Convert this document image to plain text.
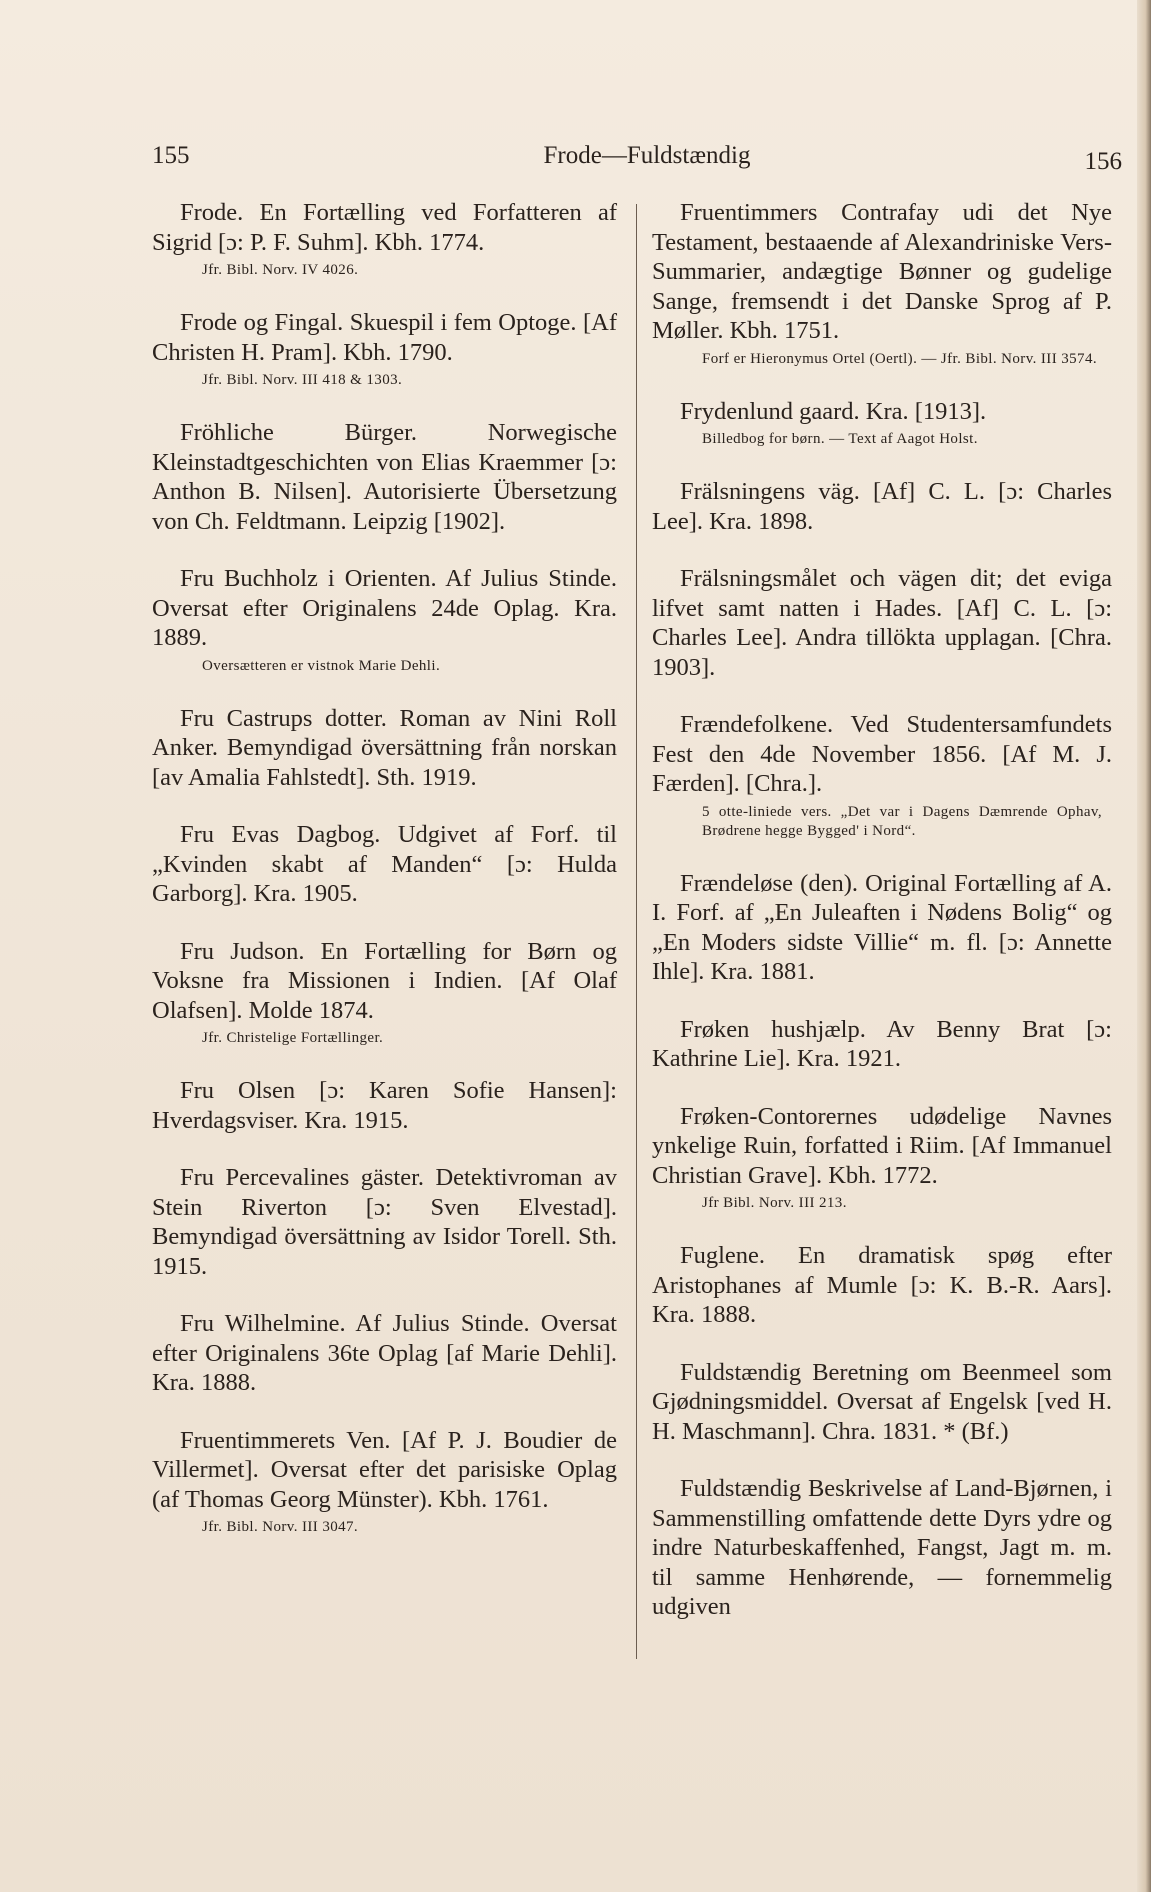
155	Frode—Fuldstændig	156
Frode. En Fortælling ved Forfatteren af Sigrid [ɔ: P. F. Suhm]. Kbh. 1774.
Jfr. Bibl. Norv. IV 4026.
Frode og Fingal. Skuespil i fem Optoge. [Af Christen H. Pram]. Kbh. 1790.
Jfr. Bibl. Norv. III 418 & 1303.
Fröhliche Bürger. Norwegische Kleinstadtgeschichten von Elias Kraemmer [ɔ: Anthon B. Nilsen]. Autorisierte Übersetzung von Ch. Feldtmann. Leipzig [1902].
Fru Buchholz i Orienten. Af Julius Stinde. Oversat efter Originalens 24de Oplag. Kra. 1889.
Oversætteren er vistnok Marie Dehli.
Fru Castrups dotter. Roman av Nini Roll Anker. Bemyndigad översättning från norskan [av Amalia Fahlstedt]. Sth. 1919.
Fru Evas Dagbog. Udgivet af Forf. til „Kvinden skabt af Manden“ [ɔ: Hulda Garborg]. Kra. 1905.
Fru Judson. En Fortælling for Børn og Voksne fra Missionen i Indien. [Af Olaf Olafsen]. Molde 1874.
Jfr. Christelige Fortællinger.
Fru Olsen [ɔ: Karen Sofie Hansen]: Hverdagsviser. Kra. 1915.
Fru Percevalines gäster. Detektivroman av Stein Riverton [ɔ: Sven Elvestad]. Bemyndigad översättning av Isidor Torell. Sth. 1915.
Fru Wilhelmine. Af Julius Stinde. Oversat efter Originalens 36te Oplag [af Marie Dehli]. Kra. 1888.
Fruentimmerets Ven. [Af P. J. Boudier de Villermet]. Oversat efter det parisiske Oplag (af Thomas Georg Münster). Kbh. 1761.
Jfr. Bibl. Norv. III 3047.
Fruentimmers Contrafay udi det Nye Testament, bestaaende af Alexandriniske Vers-Summarier, andægtige Bønner og gudelige Sange, fremsendt i det Danske Sprog af P. Møller. Kbh. 1751.
Forf er Hieronymus Ortel (Oertl). — Jfr. Bibl. Norv. III 3574.
Frydenlund gaard. Kra. [1913].
Billedbog for børn. — Text af Aagot Holst.
Frälsningens väg. [Af] C. L. [ɔ: Charles Lee]. Kra. 1898.
Frälsningsmålet och vägen dit; det eviga lifvet samt natten i Hades. [Af] C. L. [ɔ: Charles Lee]. Andra tillökta upplagan. [Chra. 1903].
Frændefolkene. Ved Studentersamfundets Fest den 4de November 1856. [Af M. J. Færden]. [Chra.].
5 otte-liniede vers. „Det var i Dagens Dæmrende Ophav, Brødrene hegge Bygged' i Nord“.
Frændeløse (den). Original Fortælling af A. I. Forf. af „En Juleaften i Nødens Bolig“ og „En Moders sidste Villie“ m. fl. [ɔ: Annette Ihle]. Kra. 1881.
Frøken hushjælp. Av Benny Brat [ɔ: Kathrine Lie]. Kra. 1921.
Frøken-Contorernes udødelige Navnes ynkelige Ruin, forfatted i Riim. [Af Immanuel Christian Grave]. Kbh. 1772.
Jfr Bibl. Norv. III 213.
Fuglene. En dramatisk spøg efter Aristophanes af Mumle [ɔ: K. B.-R. Aars]. Kra. 1888.
Fuldstændig Beretning om Beenmeel som Gjødningsmiddel. Oversat af Engelsk [ved H. H. Maschmann]. Chra. 1831. * (Bf.)
Fuldstændig Beskrivelse af Land-Bjørnen, i Sammenstilling omfattende dette Dyrs ydre og indre Naturbeskaffenhed, Fangst, Jagt m. m. til samme Henhørende, — fornemmelig udgiven
